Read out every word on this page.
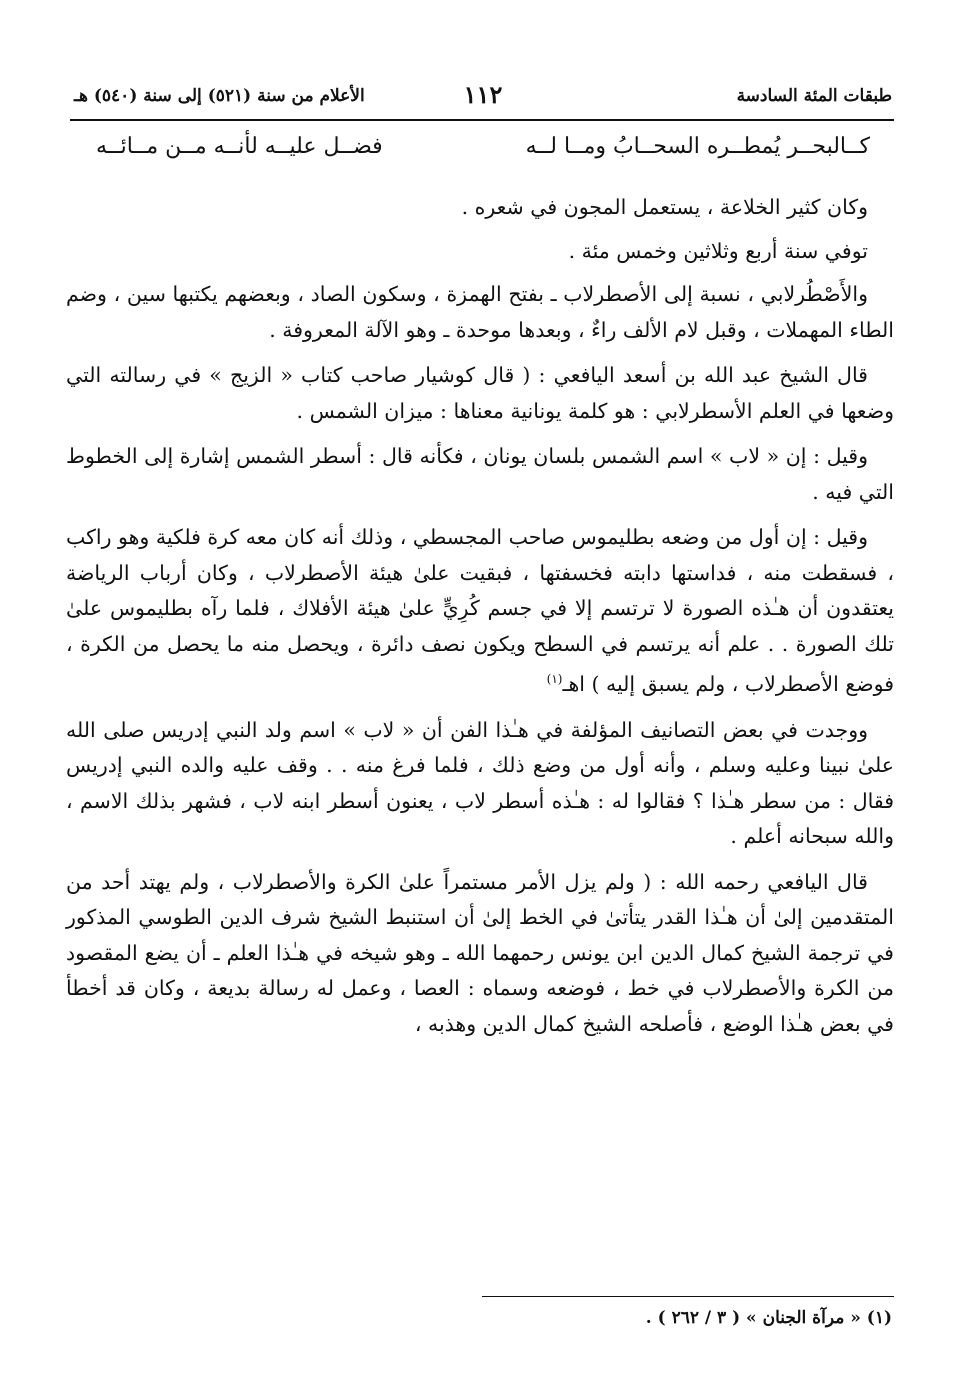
طبقات المئة السادسة
١١٢
الأعلام من سنة (٥٢١) إلى سنة (٥٤٠) هـ
كــالبحــر يُمطــره السحــابُ ومــا لــه
فضــل عليــه لأنــه مــن مــائــه

وكان كثير الخلاعة ، يستعمل المجون في شعره .

توفي سنة أربع وثلاثين وخمس مئة .

والأَصْطُرلابي ، نسبة إلى الأصطرلاب ـ بفتح الهمزة ، وسكون الصاد ، وبعضهم يكتبها سين ، وضم الطاء المهملات ، وقبل لام الألف راءٌ ، وبعدها موحدة ـ وهو الآلة المعروفة .

قال الشيخ عبد الله بن أسعد اليافعي : ( قال كوشيار صاحب كتاب « الزيج » في رسالته التي وضعها في العلم الأسطرلابي : هو كلمة يونانية معناها : ميزان الشمس .

وقيل : إن « لاب » اسم الشمس بلسان يونان ، فكأنه قال : أسطر الشمس إشارة إلى الخطوط التي فيه .

وقيل : إن أول من وضعه بطليموس صاحب المجسطي ، وذلك أنه كان معه كرة فلكية وهو راكب ، فسقطت منه ، فداستها دابته فخسفتها ، فبقيت علىٰ هيئة الأصطرلاب ، وكان أرباب الرياضة يعتقدون أن هـٰذه الصورة لا ترتسم إلا في جسم كُرِيٍّ علىٰ هيئة الأفلاك ، فلما رآه بطليموس علىٰ تلك الصورة . . علم أنه يرتسم في السطح ويكون نصف دائرة ، ويحصل منه ما يحصل من الكرة ، فوضع الأصطرلاب ، ولم يسبق إليه ) اهـ$^{(١)}$

ووجدت في بعض التصانيف المؤلفة في هـٰذا الفن أن « لاب » اسم ولد النبي إدريس صلى الله علىٰ نبينا وعليه وسلم ، وأنه أول من وضع ذلك ، فلما فرغ منه . . وقف عليه والده النبي إدريس فقال : من سطر هـٰذا ؟ فقالوا له : هـٰذه أسطر لاب ، يعنون أسطر ابنه لاب ، فشهر بذلك الاسم ، والله سبحانه أعلم .

قال اليافعي رحمه الله : ( ولم يزل الأمر مستمراً علىٰ الكرة والأصطرلاب ، ولم يهتد أحد من المتقدمين إلىٰ أن هـٰذا القدر يتأتىٰ في الخط إلىٰ أن استنبط الشيخ شرف الدين الطوسي المذكور في ترجمة الشيخ كمال الدين ابن يونس رحمهما الله ـ وهو شيخه في هـٰذا العلم ـ أن يضع المقصود من الكرة والأصطرلاب في خط ، فوضعه وسماه : العصا ، وعمل له رسالة بديعة ، وكان قد أخطأ في بعض هـٰذا الوضع ، فأصلحه الشيخ كمال الدين وهذبه ،

(١) « مرآة الجنان » ( ٣ / ٢٦٢ ) .
